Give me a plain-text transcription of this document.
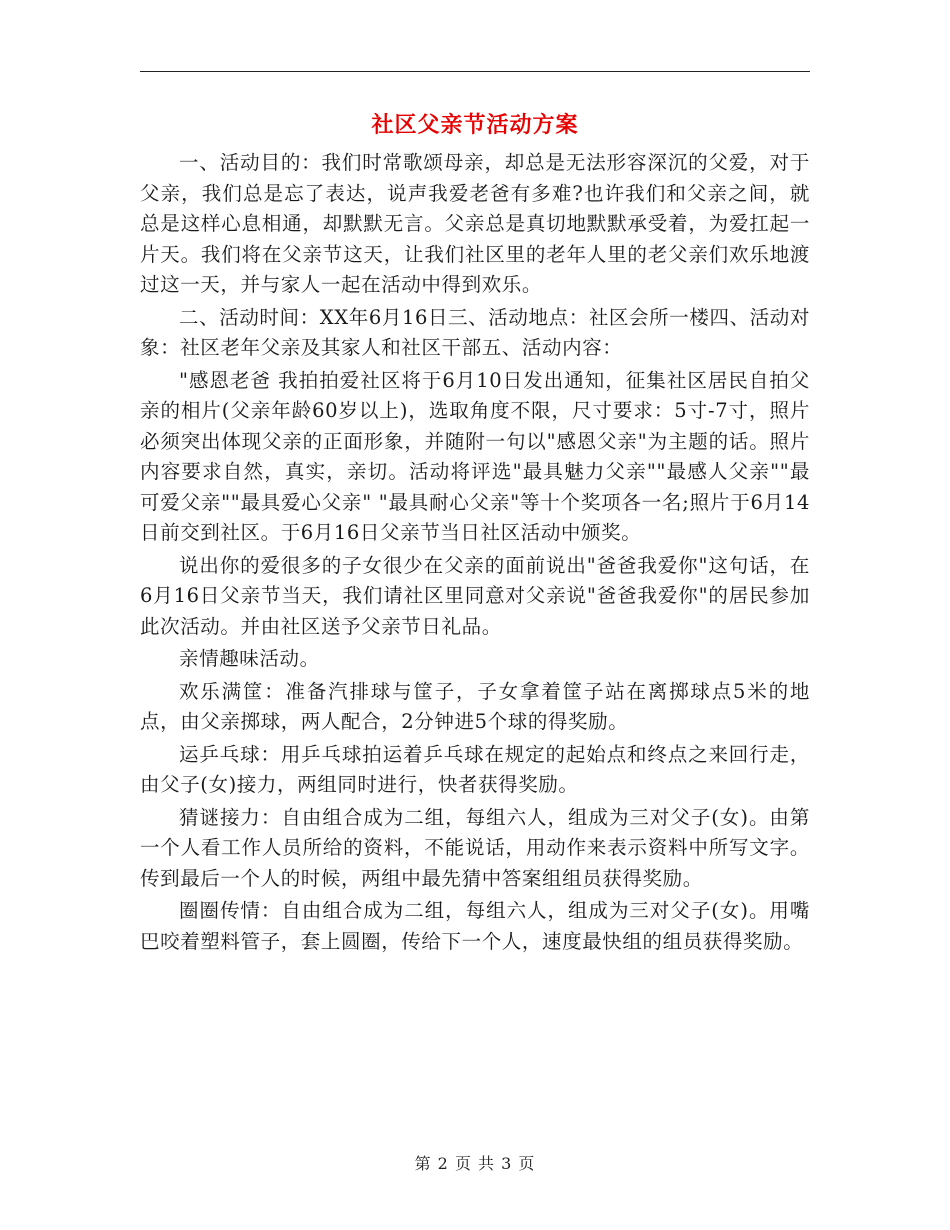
社区父亲节活动方案

一、活动目的：我们时常歌颂母亲，却总是无法形容深沉的父爱，对于父亲，我们总是忘了表达，说声我爱老爸有多难?也许我们和父亲之间，就总是这样心息相通，却默默无言。父亲总是真切地默默承受着，为爱扛起一片天。我们将在父亲节这天，让我们社区里的老年人里的老父亲们欢乐地渡过这一天，并与家人一起在活动中得到欢乐。

二、活动时间：XX年6月16日三、活动地点：社区会所一楼四、活动对象：社区老年父亲及其家人和社区干部五、活动内容：

"感恩老爸 我拍拍爱社区将于6月10日发出通知，征集社区居民自拍父亲的相片(父亲年龄60岁以上)，选取角度不限，尺寸要求：5寸-7寸，照片必须突出体现父亲的正面形象，并随附一句以"感恩父亲"为主题的话。照片内容要求自然，真实，亲切。活动将评选"最具魅力父亲""最感人父亲""最可爱父亲""最具爱心父亲" "最具耐心父亲"等十个奖项各一名;照片于6月14日前交到社区。于6月16日父亲节当日社区活动中颁奖。

说出你的爱很多的子女很少在父亲的面前说出"爸爸我爱你"这句话，在6月16日父亲节当天，我们请社区里同意对父亲说"爸爸我爱你"的居民参加此次活动。并由社区送予父亲节日礼品。

亲情趣味活动。

欢乐满筐：准备汽排球与筐子，子女拿着筐子站在离掷球点5米的地点，由父亲掷球，两人配合，2分钟进5个球的得奖励。

运乒乓球：用乒乓球拍运着乒乓球在规定的起始点和终点之来回行走，由父子(女)接力，两组同时进行，快者获得奖励。

猜谜接力：自由组合成为二组，每组六人，组成为三对父子(女)。由第一个人看工作人员所给的资料，不能说话，用动作来表示资料中所写文字。传到最后一个人的时候，两组中最先猜中答案组组员获得奖励。

圈圈传情：自由组合成为二组，每组六人，组成为三对父子(女)。用嘴巴咬着塑料管子，套上圆圈，传给下一个人，速度最快组的组员获得奖励。

第 2 页 共 3 页
